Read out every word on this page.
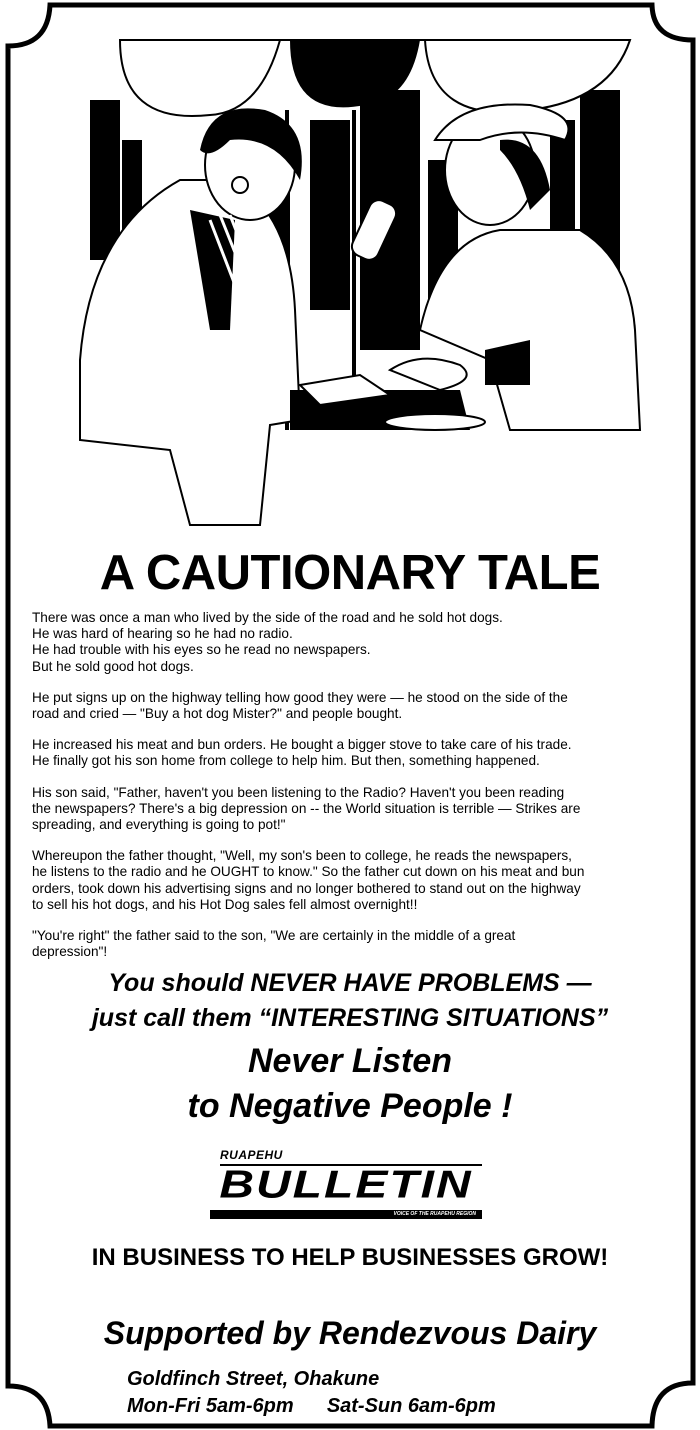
A CAUTIONARY TALE

There was once a man who lived by the side of the road and he sold hot dogs.
He was hard of hearing so he had no radio.
He had trouble with his eyes so he read no newspapers.
But he sold good hot dogs.

He put signs up on the highway telling how good they were — he stood on the side of the
road and cried — "Buy a hot dog Mister?" and people bought.

He increased his meat and bun orders. He bought a bigger stove to take care of his trade.
He finally got his son home from college to help him. But then, something happened.

His son said, "Father, haven't you been listening to the Radio? Haven't you been reading
the newspapers? There's a big depression on -- the World situation is terrible — Strikes are
spreading, and everything is going to pot!"

Whereupon the father thought, "Well, my son's been to college, he reads the newspapers,
he listens to the radio and he OUGHT to know." So the father cut down on his meat and bun
orders, took down his advertising signs and no longer bothered to stand out on the highway
to sell his hot dogs, and his Hot Dog sales fell almost overnight!!

"You're right" the father said to the son, "We are certainly in the middle of a great
depression"!

You should NEVER HAVE PROBLEMS —
just call them “INTERESTING SITUATIONS”
Never Listen
to Negative People !
RUAPEHU
BULLETIN
VOICE OF THE RUAPEHU REGION
IN BUSINESS TO HELP BUSINESSES GROW!
Supported by Rendezvous Dairy
Goldfinch Street, Ohakune
Mon-Fri 5am-6pm Sat-Sun 6am-6pm
